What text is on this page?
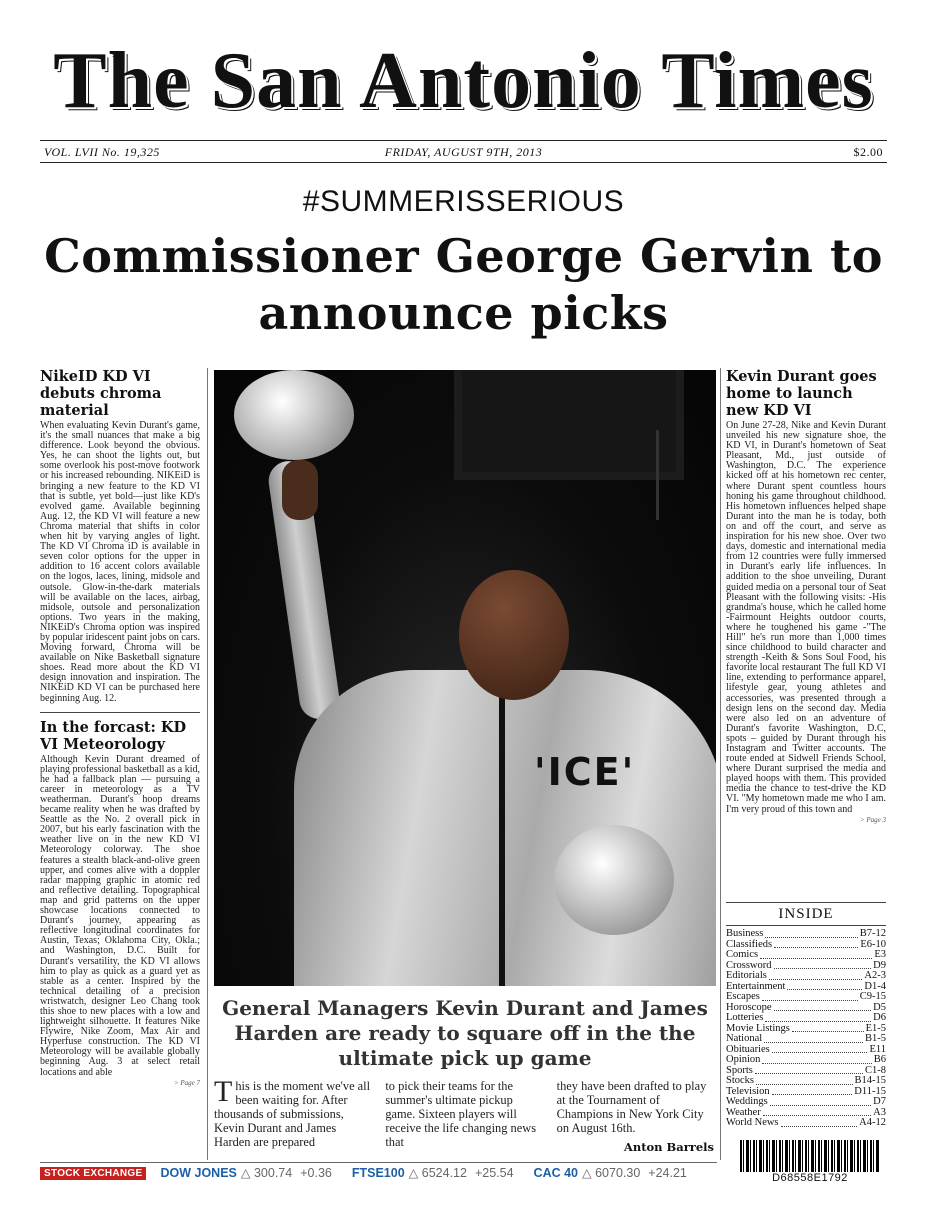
The San Antonio Times
VOL. LVII No. 19,325	FRIDAY, AUGUST 9TH, 2013	$2.00
#SUMMERISSERIOUS
Commissioner George Gervin to announce picks
NikeID KD VI debuts chroma material

When evaluating Kevin Durant's game, it's the small nuances that make a big difference. Look beyond the obvious. Yes, he can shoot the lights out, but some overlook his post-move footwork or his increased rebounding. NIKEiD is bringing a new feature to the KD VI that is subtle, yet bold—just like KD's evolved game. Available beginning Aug. 12, the KD VI will feature a new Chroma material that shifts in color when hit by varying angles of light. The KD VI Chroma iD is available in seven color options for the upper in addition to 16 accent colors available on the logos, laces, lining, midsole and outsole. Glow-in-the-dark materials will be available on the laces, airbag, midsole, outsole and personalization options. Two years in the making, NIKEiD's Chroma option was inspired by popular iridescent paint jobs on cars. Moving forward, Chroma will be available on Nike Basketball signature shoes. Read more about the KD VI design innovation and inspiration. The NIKEiD KD VI can be purchased here beginning Aug. 12.

In the forcast: KD VI Meteorology

Although Kevin Durant dreamed of playing professional basketball as a kid, he had a fallback plan — pursuing a career in meteorology as a TV weatherman. Durant's hoop dreams became reality when he was drafted by Seattle as the No. 2 overall pick in 2007, but his early fascination with the weather live on in the new KD VI Meteorology colorway. The shoe features a stealth black-and-olive green upper, and comes alive with a doppler radar mapping graphic in atomic red and reflective detailing. Topographical map and grid patterns on the upper showcase locations connected to Durant's journey, appearing as reflective longitudinal coordinates for Austin, Texas; Oklahoma City, Okla.; and Washington, D.C. Built for Durant's versatility, the KD VI allows him to play as quick as a guard yet as stable as a center. Inspired by the technical detailing of a precision wristwatch, designer Leo Chang took this shoe to new places with a low and lightweight silhouette. It features Nike Flywire, Nike Zoom, Max Air and Hyperfuse construction. The KD VI Meteorology will be available globally beginning Aug. 3 at select retail locations and able

> Page 7
'ICE'
Kevin Durant goes home to launch new KD VI

On June 27-28, Nike and Kevin Durant unveiled his new signature shoe, the KD VI, in Durant's hometown of Seat Pleasant, Md., just outside of Washington, D.C. The experience kicked off at his hometown rec center, where Durant spent countless hours honing his game throughout childhood. His hometown influences helped shape Durant into the man he is today, both on and off the court, and serve as inspiration for his new shoe. Over two days, domestic and international media from 12 countries were fully immersed in Durant's early life influences. In addition to the shoe unveiling, Durant guided media on a personal tour of Seat Pleasant with the following visits: -His grandma's house, which he called home -Fairmount Heights outdoor courts, where he toughened his game -"The Hill" he's run more than 1,000 times since childhood to build character and strength -Keith & Sons Soul Food, his favorite local restaurant The full KD VI line, extending to performance apparel, lifestyle gear, young athletes and accessories, was presented through a design lens on the second day. Media were also led on an adventure of Durant's favorite Washington, D.C, spots – guided by Durant through his Instagram and Twitter accounts. The route ended at Sidwell Friends School, where Durant surprised the media and played hoops with them. This provided media the chance to test-drive the KD VI. "My hometown made me who I am. I'm very proud of this town and

> Page 3
General Managers Kevin Durant and James Harden are ready to square off in the the ultimate pick up game

This is the moment we've all been waiting for. After thousands of submissions, Kevin Durant and James Harden are prepared

to pick their teams for the summer's ultimate pickup game. Sixteen players will receive the life changing news that

they have been drafted to play at the Tournament of Champions in New York City on August 16th.

Anton Barrels
INSIDE
Business	B7-12
Classifieds	E6-10
Comics	E3
Crossword	D9
Editorials	A2-3
Entertainment	D1-4
Escapes	C9-15
Horoscope	D5
Lotteries	D6
Movie Listings	E1-5
National	B1-5
Obituaries	E11
Opinion	B6
Sports	C1-8
Stocks	B14-15
Television	D11-15
Weddings	D7
Weather	A3
World News	A4-12
STOCK EXCHANGE	DOW JONES △ 300.74 +0.36 FTSE100 △ 6524.12 +25.54 CAC 40 △ 6070.30 +24.21	D68558E1792
